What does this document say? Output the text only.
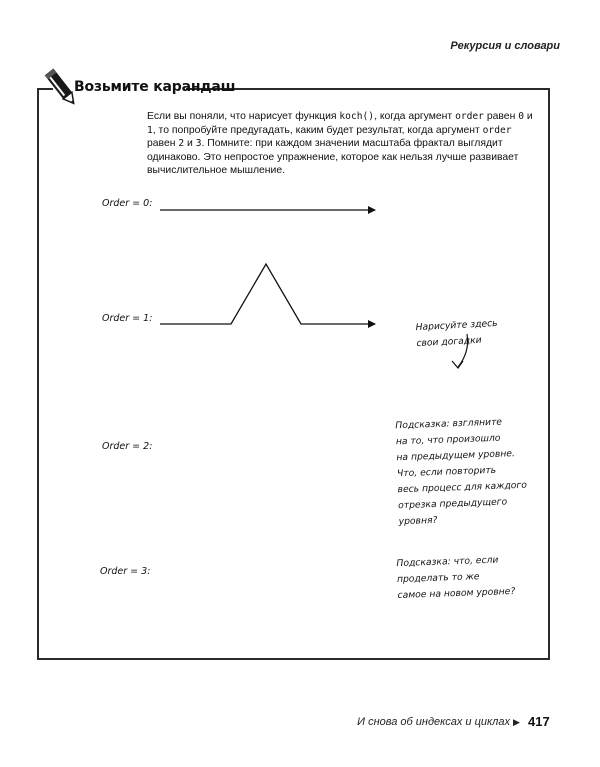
Рекурсия и словари
Возьмите карандаш
Если вы поняли, что нарисует функция koch(), когда аргумент order равен 0 и 1, то попробуйте предугадать, каким будет результат, когда аргумент order равен 2 и 3. Помните: при каждом значении масштаба фрактал выглядит одинаково. Это непростое упражнение, которое как нельзя лучше развивает вычислительное мышление.
Order = 0:
Order = 1:
Order = 2:
Order = 3:
Нарисуйте здесь
свои догадки
Подсказка: взгляните
на то, что произошло
на предыдущем уровне.
Что, если повторить
весь процесс для каждого
отрезка предыдущего
уровня?
Подсказка: что, если
проделать то же
самое на новом уровне?
И снова об индексах и циклах ▶ 417
